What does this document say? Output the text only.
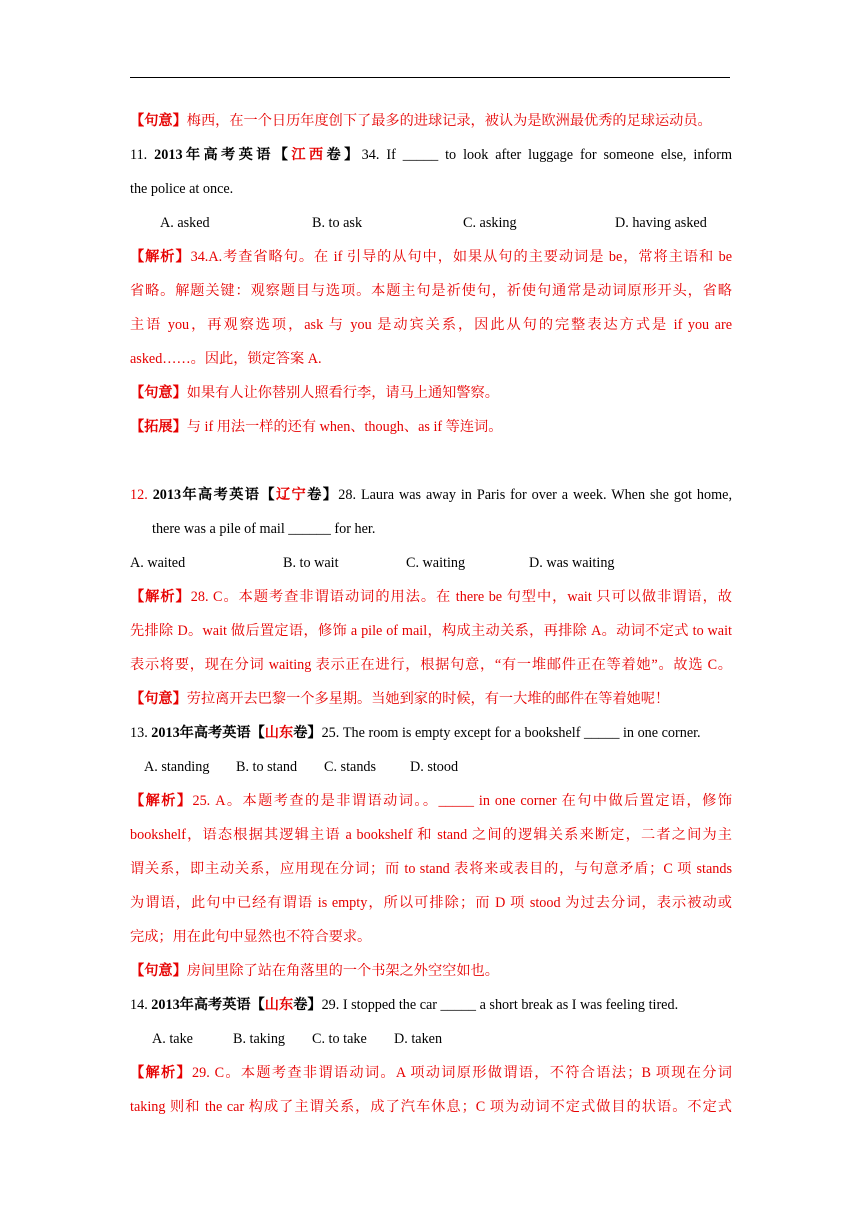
【句意】梅西，在一个日历年度创下了最多的进球记录，被认为是欧洲最优秀的足球运动员。
11. 2013年高考英语【江西卷】34. If _____ to look after luggage for someone else, inform
the police at once.
A. asked	B. to ask	C. asking	D. having asked
【解析】34.A.考查省略句。在 if 引导的从句中，如果从句的主要动词是 be，常将主语和 be
省略。解题关键：观察题目与选项。本题主句是祈使句，祈使句通常是动词原形开头，省略
主语 you，再观察选项，ask 与 you 是动宾关系，因此从句的完整表达方式是 if you are
asked……。因此，锁定答案 A.
【句意】如果有人让你替别人照看行李，请马上通知警察。
【拓展】与 if 用法一样的还有 when、though、as if 等连词。
12. 2013年高考英语【辽宁卷】28. Laura was away in Paris for over a week. When she got home,
there was a pile of mail ______ for her.
A. waited	B. to wait	C. waiting	D. was waiting
【解析】28. C。本题考查非谓语动词的用法。在 there be 句型中，wait 只可以做非谓语，故
先排除 D。wait 做后置定语，修饰 a pile of mail，构成主动关系，再排除 A。动词不定式 to wait
表示将要，现在分词 waiting 表示正在进行，根据句意，“有一堆邮件正在等着她”。故选 C。
【句意】劳拉离开去巴黎一个多星期。当她到家的时候，有一大堆的邮件在等着她呢！
13. 2013年高考英语【山东卷】25. The room is empty except for a bookshelf _____ in one corner.
A. standing B. to stand C. stands D. stood
【解析】25. A。本题考查的是非谓语动词。。_____ in one corner 在句中做后置定语，修饰
bookshelf，语态根据其逻辑主语 a bookshelf 和 stand 之间的逻辑关系来断定，二者之间为主
谓关系，即主动关系，应用现在分词；而 to stand 表将来或表目的，与句意矛盾；C 项 stands
为谓语，此句中已经有谓语 is empty，所以可排除；而 D 项 stood 为过去分词，表示被动或
完成；用在此句中显然也不符合要求。
【句意】房间里除了站在角落里的一个书架之外空空如也。
14. 2013年高考英语【山东卷】29. I stopped the car _____ a short break as I was feeling tired.
A. take	B. taking C. to take D. taken
【解析】29. C。本题考查非谓语动词。A 项动词原形做谓语，不符合语法；B 项现在分词
taking 则和 the car 构成了主谓关系，成了汽车休息；C 项为动词不定式做目的状语。不定式
